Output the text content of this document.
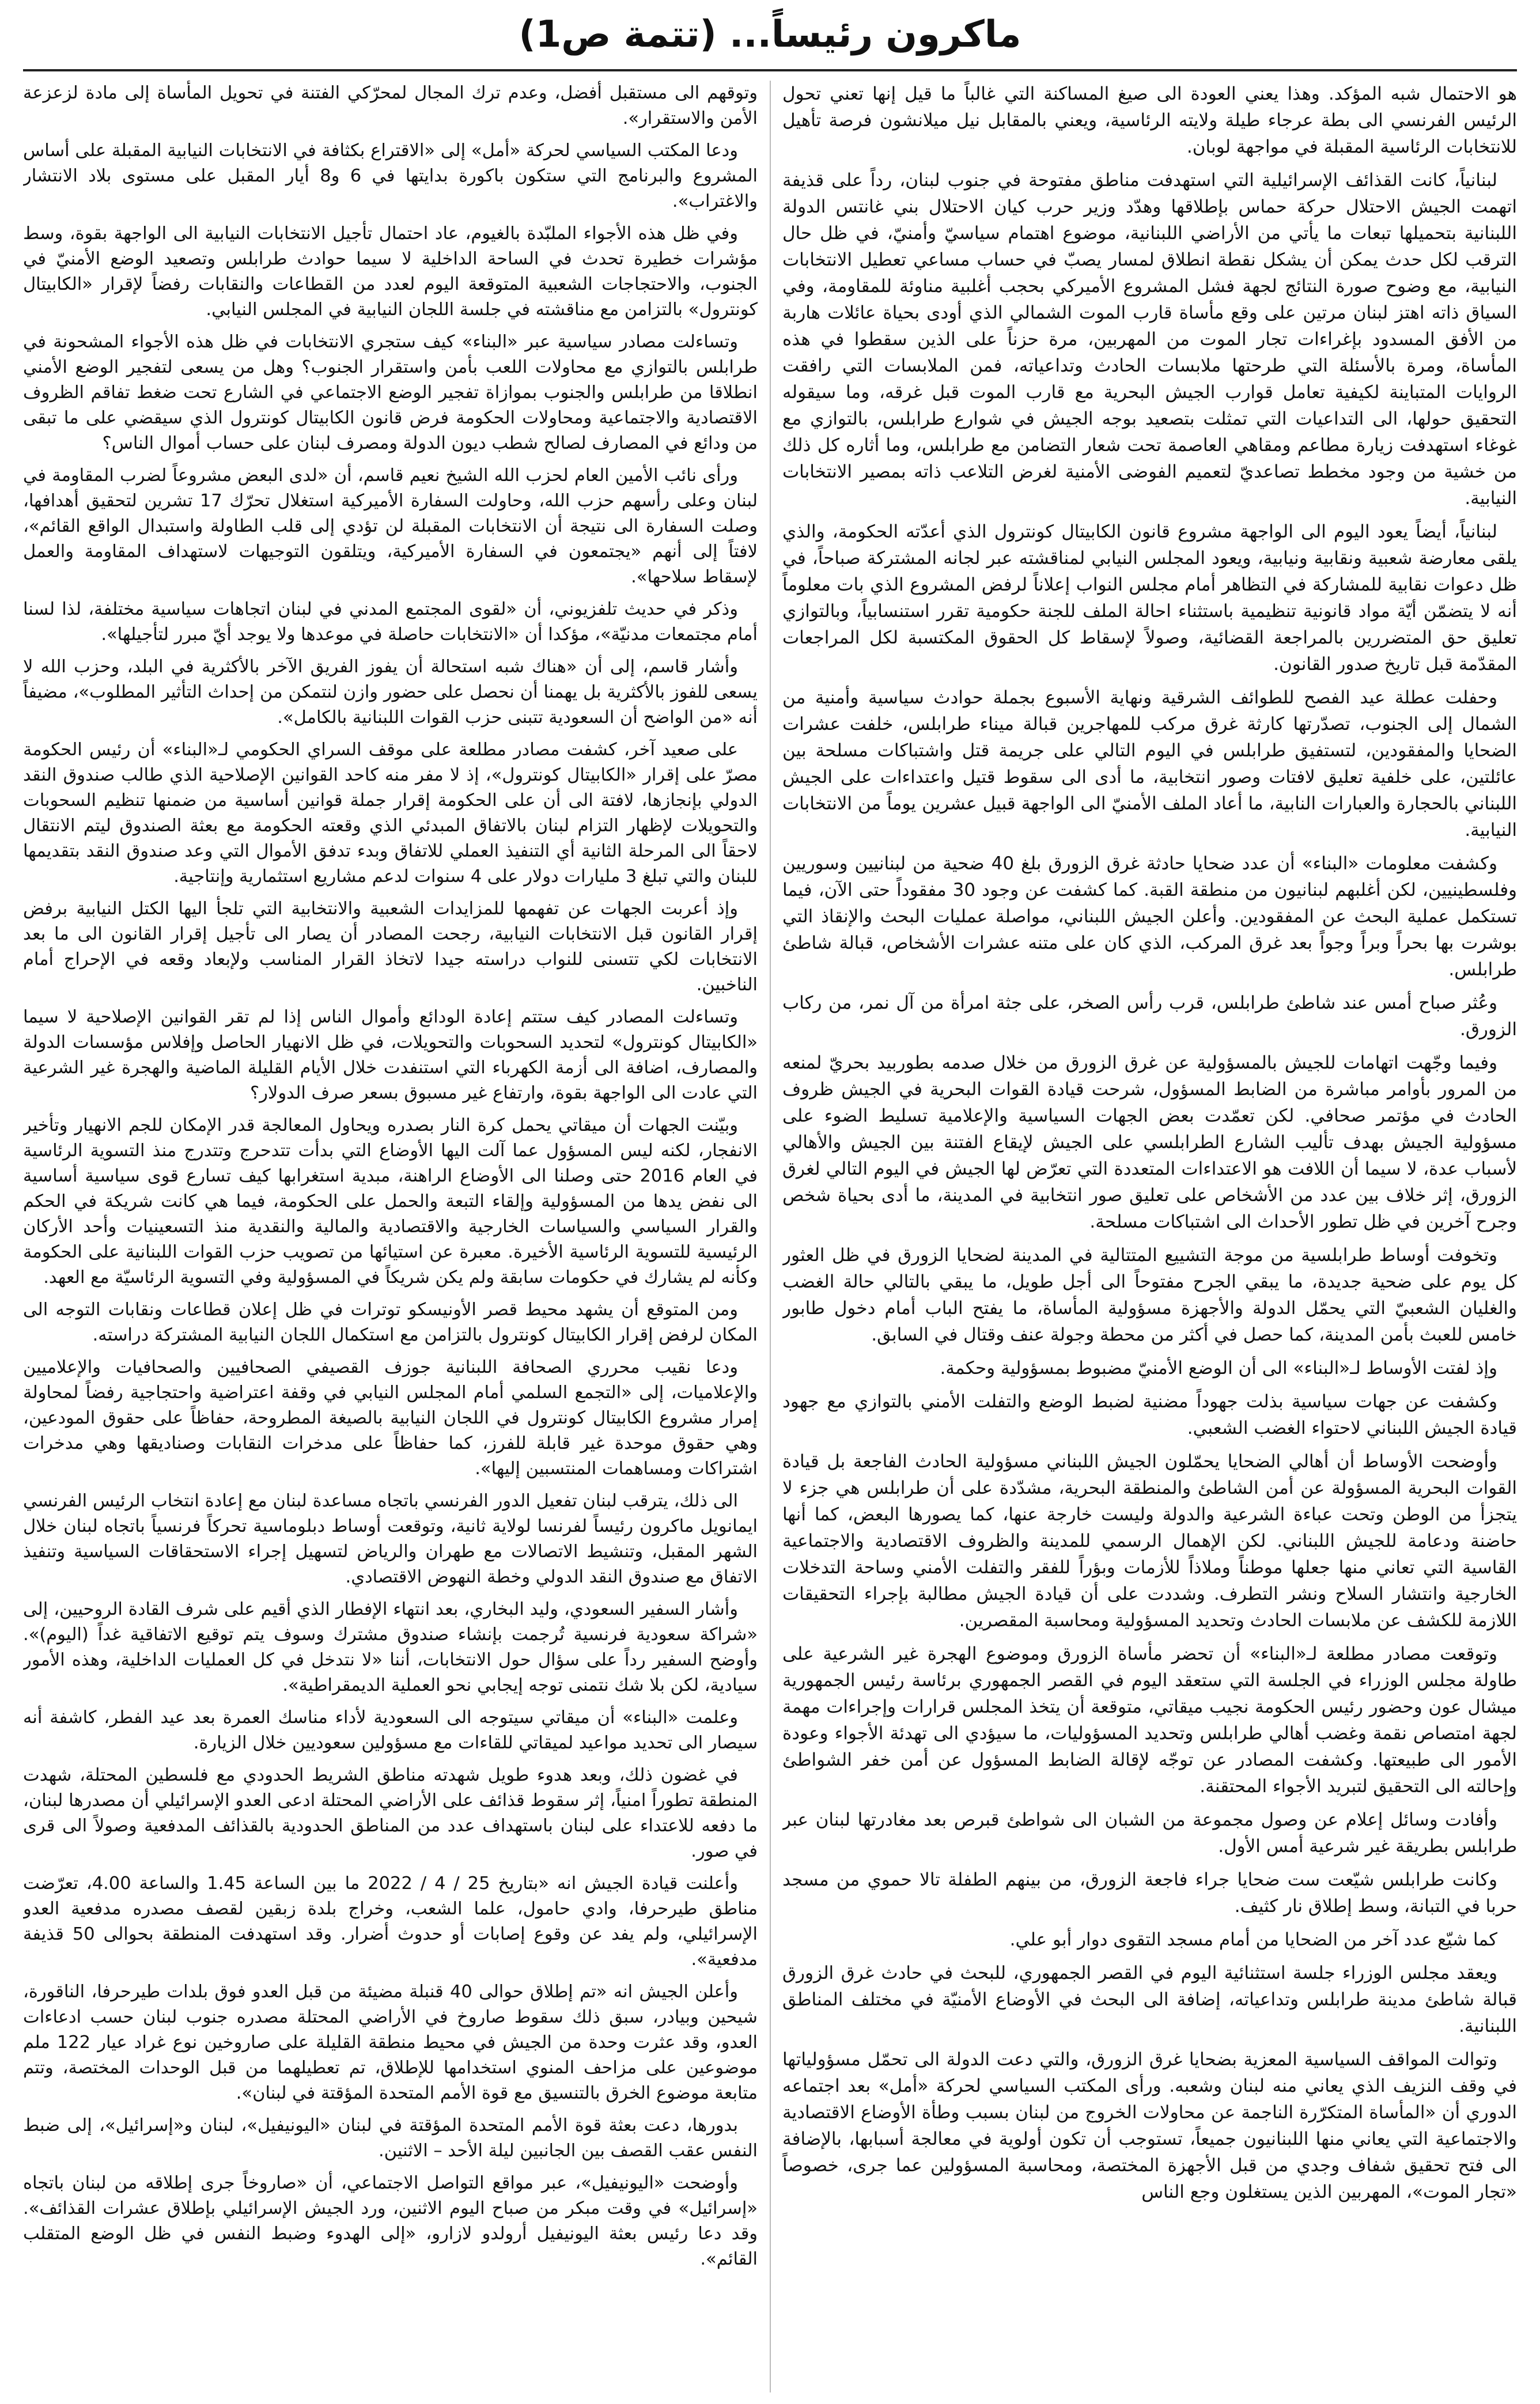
ماكرون رئيساً... (تتمة ص1)

هو الاحتمال شبه المؤكد. وهذا يعني العودة الى صيغ المساكنة التي غالباً ما قيل إنها تعني تحول الرئيس الفرنسي الى بطة عرجاء طيلة ولايته الرئاسية، ويعني بالمقابل نيل ميلانشون فرصة تأهيل للانتخابات الرئاسية المقبلة في مواجهة لوبان.

لبنانياً، كانت القذائف الإسرائيلية التي استهدفت مناطق مفتوحة في جنوب لبنان، رداً على قذيفة اتهمت الجيش الاحتلال حركة حماس بإطلاقها وهدّد وزير حرب كيان الاحتلال بني غانتس الدولة اللبنانية بتحميلها تبعات ما يأتي من الأراضي اللبنانية، موضوع اهتمام سياسيّ وأمنيّ، في ظل حال الترقب لكل حدث يمكن أن يشكل نقطة انطلاق لمسار يصبّ في حساب مساعي تعطيل الانتخابات النيابية، مع وضوح صورة النتائج لجهة فشل المشروع الأميركي بحجب أغلبية مناوئة للمقاومة، وفي السياق ذاته اهتز لبنان مرتين على وقع مأساة قارب الموت الشمالي الذي أودى بحياة عائلات هاربة من الأفق المسدود بإغراءات تجار الموت من المهربين، مرة حزناً على الذين سقطوا في هذه المأساة، ومرة بالأسئلة التي طرحتها ملابسات الحادث وتداعياته، فمن الملابسات التي رافقت الروايات المتباينة لكيفية تعامل قوارب الجيش البحرية مع قارب الموت قبل غرقه، وما سيقوله التحقيق حولها، الى التداعيات التي تمثلت بتصعيد بوجه الجيش في شوارع طرابلس، بالتوازي مع غوغاء استهدفت زيارة مطاعم ومقاهي العاصمة تحت شعار التضامن مع طرابلس، وما أثاره كل ذلك من خشية من وجود مخطط تصاعديّ لتعميم الفوضى الأمنية لغرض التلاعب ذاته بمصير الانتخابات النيابية.

لبنانياً، أيضاً يعود اليوم الى الواجهة مشروع قانون الكابيتال كونترول الذي أعدّته الحكومة، والذي يلقى معارضة شعبية ونقابية ونيابية، ويعود المجلس النيابي لمناقشته عبر لجانه المشتركة صباحاً، في ظل دعوات نقابية للمشاركة في التظاهر أمام مجلس النواب إعلاناً لرفض المشروع الذي بات معلوماً أنه لا يتضمّن أيّة مواد قانونية تنظيمية باستثناء احالة الملف للجنة حكومية تقرر استنسابياً، وبالتوازي تعليق حق المتضررين بالمراجعة القضائية، وصولاً لإسقاط كل الحقوق المكتسبة لكل المراجعات المقدّمة قبل تاريخ صدور القانون.

وحفلت عطلة عيد الفصح للطوائف الشرقية ونهاية الأسبوع بجملة حوادث سياسية وأمنية من الشمال إلى الجنوب، تصدّرتها كارثة غرق مركب للمهاجرين قبالة ميناء طرابلس، خلفت عشرات الضحايا والمفقودين، لتستفيق طرابلس في اليوم التالي على جريمة قتل واشتباكات مسلحة بين عائلتين، على خلفية تعليق لافتات وصور انتخابية، ما أدى الى سقوط قتيل واعتداءات على الجيش اللبناني بالحجارة والعبارات النابية، ما أعاد الملف الأمنيّ الى الواجهة قبيل عشرين يوماً من الانتخابات النيابية.

وكشفت معلومات «البناء» أن عدد ضحايا حادثة غرق الزورق بلغ 40 ضحية من لبنانيين وسوريين وفلسطينيين، لكن أغلبهم لبنانيون من منطقة القبة. كما كشفت عن وجود 30 مفقوداً حتى الآن، فيما تستكمل عملية البحث عن المفقودين. وأعلن الجيش اللبناني، مواصلة عمليات البحث والإنقاذ التي بوشرت بها بحراً وبراً وجواً بعد غرق المركب، الذي كان على متنه عشرات الأشخاص، قبالة شاطئ طرابلس.

وعُثر صباح أمس عند شاطئ طرابلس، قرب رأس الصخر، على جثة امرأة من آل نمر، من ركاب الزورق.

وفيما وجّهت اتهامات للجيش بالمسؤولية عن غرق الزورق من خلال صدمه بطوربيد بحريّ لمنعه من المرور بأوامر مباشرة من الضابط المسؤول، شرحت قيادة القوات البحرية في الجيش ظروف الحادث في مؤتمر صحافي. لكن تعمّدت بعض الجهات السياسية والإعلامية تسليط الضوء على مسؤولية الجيش بهدف تأليب الشارع الطرابلسي على الجيش لإيقاع الفتنة بين الجيش والأهالي لأسباب عدة، لا سيما أن اللافت هو الاعتداءات المتعددة التي تعرّض لها الجيش في اليوم التالي لغرق الزورق، إثر خلاف بين عدد من الأشخاص على تعليق صور انتخابية في المدينة، ما أدى بحياة شخص وجرح آخرين في ظل تطور الأحداث الى اشتباكات مسلحة.

وتخوفت أوساط طرابلسية من موجة التشييع المتتالية في المدينة لضحايا الزورق في ظل العثور كل يوم على ضحية جديدة، ما يبقي الجرح مفتوحاً الى أجل طويل، ما يبقي بالتالي حالة الغضب والغليان الشعبيّ التي يحمّل الدولة والأجهزة مسؤولية المأساة، ما يفتح الباب أمام دخول طابور خامس للعبث بأمن المدينة، كما حصل في أكثر من محطة وجولة عنف وقتال في السابق.

وإذ لفتت الأوساط لـ«البناء» الى أن الوضع الأمنيّ مضبوط بمسؤولية وحكمة.

وكشفت عن جهات سياسية بذلت جهوداً مضنية لضبط الوضع والتفلت الأمني بالتوازي مع جهود قيادة الجيش اللبناني لاحتواء الغضب الشعبي.

وأوضحت الأوساط أن أهالي الضحايا يحمّلون الجيش اللبناني مسؤولية الحادث الفاجعة بل قيادة القوات البحرية المسؤولة عن أمن الشاطئ والمنطقة البحرية، مشدّدة على أن طرابلس هي جزء لا يتجزأ من الوطن وتحت عباءة الشرعية والدولة وليست خارجة عنها، كما يصورها البعض، كما أنها حاضنة ودعامة للجيش اللبناني. لكن الإهمال الرسمي للمدينة والظروف الاقتصادية والاجتماعية القاسية التي تعاني منها جعلها موطناً وملاذاً للأزمات وبؤراً للفقر والتفلت الأمني وساحة التدخلات الخارجية وانتشار السلاح ونشر التطرف. وشددت على أن قيادة الجيش مطالبة بإجراء التحقيقات اللازمة للكشف عن ملابسات الحادث وتحديد المسؤولية ومحاسبة المقصرين.

وتوقعت مصادر مطلعة لـ«البناء» أن تحضر مأساة الزورق وموضوع الهجرة غير الشرعية على طاولة مجلس الوزراء في الجلسة التي ستعقد اليوم في القصر الجمهوري برئاسة رئيس الجمهورية ميشال عون وحضور رئيس الحكومة نجيب ميقاتي، متوقعة أن يتخذ المجلس قرارات وإجراءات مهمة لجهة امتصاص نقمة وغضب أهالي طرابلس وتحديد المسؤوليات، ما سيؤدي الى تهدئة الأجواء وعودة الأمور الى طبيعتها. وكشفت المصادر عن توجّه لإقالة الضابط المسؤول عن أمن خفر الشواطئ وإحالته الى التحقيق لتبريد الأجواء المحتقنة.

وأفادت وسائل إعلام عن وصول مجموعة من الشبان الى شواطئ قبرص بعد مغادرتها لبنان عبر طرابلس بطريقة غير شرعية أمس الأول.

وكانت طرابلس شيّعت ست ضحايا جراء فاجعة الزورق، من بينهم الطفلة تالا حموي من مسجد حربا في التبانة، وسط إطلاق نار كثيف.

كما شيّع عدد آخر من الضحايا من أمام مسجد التقوى دوار أبو علي.

ويعقد مجلس الوزراء جلسة استثنائية اليوم في القصر الجمهوري، للبحث في حادث غرق الزورق قبالة شاطئ مدينة طرابلس وتداعياته، إضافة الى البحث في الأوضاع الأمنيّة في مختلف المناطق اللبنانية.

وتوالت المواقف السياسية المعزية بضحايا غرق الزورق، والتي دعت الدولة الى تحمّل مسؤولياتها في وقف النزيف الذي يعاني منه لبنان وشعبه. ورأى المكتب السياسي لحركة «أمل» بعد اجتماعه الدوري أن «المأساة المتكرّرة الناجمة عن محاولات الخروج من لبنان بسبب وطأة الأوضاع الاقتصادية والاجتماعية التي يعاني منها اللبنانيون جميعاً، تستوجب أن تكون أولوية في معالجة أسبابها، بالإضافة الى فتح تحقيق شفاف وجدي من قبل الأجهزة المختصة، ومحاسبة المسؤولين عما جرى، خصوصاً «تجار الموت»، المهربين الذين يستغلون وجع الناس

وتوقهم الى مستقبل أفضل، وعدم ترك المجال لمحرّكي الفتنة في تحويل المأساة إلى مادة لزعزعة الأمن والاستقرار».

ودعا المكتب السياسي لحركة «أمل» إلى «الاقتراع بكثافة في الانتخابات النيابية المقبلة على أساس المشروع والبرنامج التي ستكون باكورة بدايتها في 6 و8 أيار المقبل على مستوى بلاد الانتشار والاغتراب».

وفي ظل هذه الأجواء الملبّدة بالغيوم، عاد احتمال تأجيل الانتخابات النيابية الى الواجهة بقوة، وسط مؤشرات خطيرة تحدث في الساحة الداخلية لا سيما حوادث طرابلس وتصعيد الوضع الأمنيّ في الجنوب، والاحتجاجات الشعبية المتوقعة اليوم لعدد من القطاعات والنقابات رفضاً لإقرار «الكابيتال كونترول» بالتزامن مع مناقشته في جلسة اللجان النيابية في المجلس النيابي.

وتساءلت مصادر سياسية عبر «البناء» كيف ستجري الانتخابات في ظل هذه الأجواء المشحونة في طرابلس بالتوازي مع محاولات اللعب بأمن واستقرار الجنوب؟ وهل من يسعى لتفجير الوضع الأمني انطلاقا من طرابلس والجنوب بموازاة تفجير الوضع الاجتماعي في الشارع تحت ضغط تفاقم الظروف الاقتصادية والاجتماعية ومحاولات الحكومة فرض قانون الكابيتال كونترول الذي سيقضي على ما تبقى من ودائع في المصارف لصالح شطب ديون الدولة ومصرف لبنان على حساب أموال الناس؟

ورأى نائب الأمين العام لحزب الله الشيخ نعيم قاسم، أن «لدى البعض مشروعاً لضرب المقاومة في لبنان وعلى رأسهم حزب الله، وحاولت السفارة الأميركية استغلال تحرّك 17 تشرين لتحقيق أهدافها، وصلت السفارة الى نتيجة أن الانتخابات المقبلة لن تؤدي إلى قلب الطاولة واستبدال الواقع القائم»، لافتاً إلى أنهم «يجتمعون في السفارة الأميركية، ويتلقون التوجيهات لاستهداف المقاومة والعمل لإسقاط سلاحها».

وذكر في حديث تلفزيوني، أن «لقوى المجتمع المدني في لبنان اتجاهات سياسية مختلفة، لذا لسنا أمام مجتمعات مدنيّة»، مؤكدا أن «الانتخابات حاصلة في موعدها ولا يوجد أيّ مبرر لتأجيلها».

وأشار قاسم، إلى أن «هناك شبه استحالة أن يفوز الفريق الآخر بالأكثرية في البلد، وحزب الله لا يسعى للفوز بالأكثرية بل يهمنا أن نحصل على حضور وازن لنتمكن من إحداث التأثير المطلوب»، مضيفاً أنه «من الواضح أن السعودية تتبنى حزب القوات اللبنانية بالكامل».

على صعيد آخر، كشفت مصادر مطلعة على موقف السراي الحكومي لـ«البناء» أن رئيس الحكومة مصرّ على إقرار «الكابيتال كونترول»، إذ لا مفر منه كاحد القوانين الإصلاحية الذي طالب صندوق النقد الدولي بإنجازها، لافتة الى أن على الحكومة إقرار جملة قوانين أساسية من ضمنها تنظيم السحوبات والتحويلات لإظهار التزام لبنان بالاتفاق المبدئي الذي وقعته الحكومة مع بعثة الصندوق ليتم الانتقال لاحقاً الى المرحلة الثانية أي التنفيذ العملي للاتفاق وبدء تدفق الأموال التي وعد صندوق النقد بتقديمها للبنان والتي تبلغ 3 مليارات دولار على 4 سنوات لدعم مشاريع استثمارية وإنتاجية.

وإذ أعربت الجهات عن تفهمها للمزايدات الشعبية والانتخابية التي تلجأ اليها الكتل النيابية برفض إقرار القانون قبل الانتخابات النيابية، رجحت المصادر أن يصار الى تأجيل إقرار القانون الى ما بعد الانتخابات لكي تتسنى للنواب دراسته جيدا لاتخاذ القرار المناسب ولإبعاد وقعه في الإحراج أمام الناخبين.

وتساءلت المصادر كيف ستتم إعادة الودائع وأموال الناس إذا لم تقر القوانين الإصلاحية لا سيما «الكابيتال كونترول» لتحديد السحوبات والتحويلات، في ظل الانهيار الحاصل وإفلاس مؤسسات الدولة والمصارف، اضافة الى أزمة الكهرباء التي استنفدت خلال الأيام القليلة الماضية والهجرة غير الشرعية التي عادت الى الواجهة بقوة، وارتفاع غير مسبوق بسعر صرف الدولار؟

وبيّنت الجهات أن ميقاتي يحمل كرة النار بصدره ويحاول المعالجة قدر الإمكان للجم الانهيار وتأخير الانفجار، لكنه ليس المسؤول عما آلت اليها الأوضاع التي بدأت تتدحرج وتتدرج منذ التسوية الرئاسية في العام 2016 حتى وصلنا الى الأوضاع الراهنة، مبدية استغرابها كيف تسارع قوى سياسية أساسية الى نفض يدها من المسؤولية وإلقاء التبعة والحمل على الحكومة، فيما هي كانت شريكة في الحكم والقرار السياسي والسياسات الخارجية والاقتصادية والمالية والنقدية منذ التسعينيات وأحد الأركان الرئيسية للتسوية الرئاسية الأخيرة. معبرة عن استيائها من تصويب حزب القوات اللبنانية على الحكومة وكأنه لم يشارك في حكومات سابقة ولم يكن شريكاً في المسؤولية وفي التسوية الرئاسيّة مع العهد.

ومن المتوقع أن يشهد محيط قصر الأونيسكو توترات في ظل إعلان قطاعات ونقابات التوجه الى المكان لرفض إقرار الكابيتال كونترول بالتزامن مع استكمال اللجان النيابية المشتركة دراسته.

ودعا نقيب محرري الصحافة اللبنانية جوزف القصيفي الصحافيين والصحافيات والإعلاميين والإعلاميات، إلى «التجمع السلمي أمام المجلس النيابي في وقفة اعتراضية واحتجاجية رفضاً لمحاولة إمرار مشروع الكابيتال كونترول في اللجان النيابية بالصيغة المطروحة، حفاظاً على حقوق المودعين، وهي حقوق موحدة غير قابلة للفرز، كما حفاظاً على مدخرات النقابات وصناديقها وهي مدخرات اشتراكات ومساهمات المنتسبين إليها».

الى ذلك، يترقب لبنان تفعيل الدور الفرنسي باتجاه مساعدة لبنان مع إعادة انتخاب الرئيس الفرنسي ايمانويل ماكرون رئيساً لفرنسا لولاية ثانية، وتوقعت أوساط دبلوماسية تحركاً فرنسياً باتجاه لبنان خلال الشهر المقبل، وتنشيط الاتصالات مع طهران والرياض لتسهيل إجراء الاستحقاقات السياسية وتنفيذ الاتفاق مع صندوق النقد الدولي وخطة النهوض الاقتصادي.

وأشار السفير السعودي، وليد البخاري، بعد انتهاء الإفطار الذي أقيم على شرف القادة الروحيين، إلى «شراكة سعودية فرنسية تُرجمت بإنشاء صندوق مشترك وسوف يتم توقيع الاتفاقية غداً (اليوم)». وأوضح السفير رداً على سؤال حول الانتخابات، أننا «لا نتدخل في كل العمليات الداخلية، وهذه الأمور سيادية، لكن بلا شك نتمنى توجه إيجابي نحو العملية الديمقراطية».

وعلمت «البناء» أن ميقاتي سيتوجه الى السعودية لأداء مناسك العمرة بعد عيد الفطر، كاشفة أنه سيصار الى تحديد مواعيد لميقاتي للقاءات مع مسؤولين سعوديين خلال الزيارة.

في غضون ذلك، وبعد هدوء طويل شهدته مناطق الشريط الحدودي مع فلسطين المحتلة، شهدت المنطقة تطوراً امنياً، إثر سقوط قذائف على الأراضي المحتلة ادعى العدو الإسرائيلي أن مصدرها لبنان، ما دفعه للاعتداء على لبنان باستهداف عدد من المناطق الحدودية بالقذائف المدفعية وصولاً الى قرى في صور.

وأعلنت قيادة الجيش انه «بتاريخ 25 / 4 / 2022 ما بين الساعة 1.45 والساعة 4.00، تعرّضت مناطق طيرحرفا، وادي حامول، علما الشعب، وخراج بلدة زبقين لقصف مصدره مدفعية العدو الإسرائيلي، ولم يفد عن وقوع إصابات أو حدوث أضرار. وقد استهدفت المنطقة بحوالى 50 قذيفة مدفعية».

وأعلن الجيش انه «تم إطلاق حوالى 40 قنبلة مضيئة من قبل العدو فوق بلدات طيرحرفا، الناقورة، شيحين وبيادر، سبق ذلك سقوط صاروخ في الأراضي المحتلة مصدره جنوب لبنان حسب ادعاءات العدو، وقد عثرت وحدة من الجيش في محيط منطقة القليلة على صاروخين نوع غراد عيار 122 ملم موضوعين على مزاحف المنوي استخدامها للإطلاق، تم تعطيلهما من قبل الوحدات المختصة، وتتم متابعة موضوع الخرق بالتنسيق مع قوة الأمم المتحدة المؤقتة في لبنان».

بدورها، دعت بعثة قوة الأمم المتحدة المؤقتة في لبنان «اليونيفيل»، لبنان و«إسرائيل»، إلى ضبط النفس عقب القصف بين الجانبين ليلة الأحد – الاثنين.

وأوضحت «اليونيفيل»، عبر مواقع التواصل الاجتماعي، أن «صاروخاً جرى إطلاقه من لبنان باتجاه «إسرائيل» في وقت مبكر من صباح اليوم الاثنين، ورد الجيش الإسرائيلي بإطلاق عشرات القذائف». وقد دعا رئيس بعثة اليونيفيل أرولدو لازارو، «إلى الهدوء وضبط النفس في ظل الوضع المتقلب القائم».
